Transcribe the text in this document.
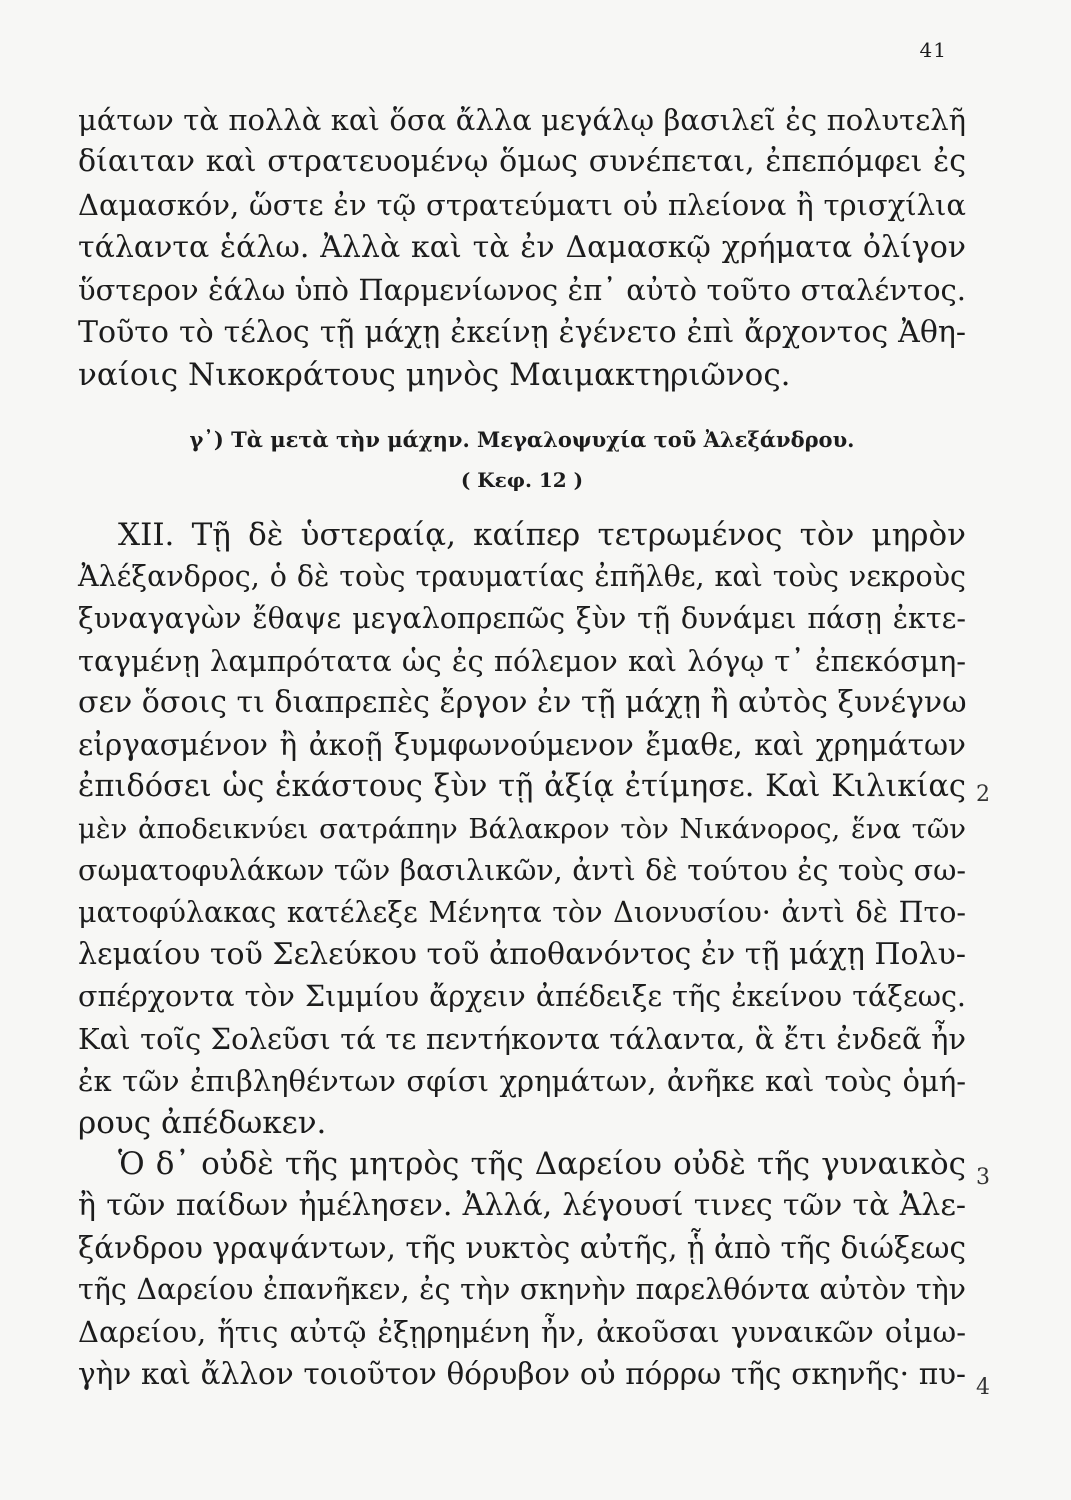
41
μάτων τὰ πολλὰ καὶ ὅσα ἄλλα μεγάλῳ βασιλεῖ ἐς πολυτελῆ
δίαιταν καὶ στρατευομένῳ ὅμως συνέπεται, ἐπεπόμφει ἐς
Δαμασκόν, ὥστε ἐν τῷ στρατεύματι οὐ πλείονα ἢ τρισχίλια
τάλαντα ἑάλω. Ἀλλὰ καὶ τὰ ἐν Δαμασκῷ χρήματα ὀλίγον
ὕστερον ἑάλω ὑπὸ Παρμενίωνος ἐπ᾿ αὐτὸ τοῦτο σταλέντος.
Τοῦτο τὸ τέλος τῇ μάχῃ ἐκείνῃ ἐγένετο ἐπὶ ἄρχοντος Ἀθη-
ναίοις Νικοκράτους μηνὸς Μαιμακτηριῶνος.
γ᾿) Τὰ μετὰ τὴν μάχην. Μεγαλοψυχία τοῦ Ἀλεξάνδρου.
( Κεφ. 12 )
XII. Τῇ δὲ ὑστεραίᾳ, καίπερ τετρωμένος τὸν μηρὸν
Ἀλέξανδρος, ὁ δὲ τοὺς τραυματίας ἐπῆλθε, καὶ τοὺς νεκροὺς
ξυναγαγὼν ἔθαψε μεγαλοπρεπῶς ξὺν τῇ δυνάμει πάσῃ ἐκτε-
ταγμένῃ λαμπρότατα ὡς ἐς πόλεμον καὶ λόγῳ τ᾿ ἐπεκόσμη-
σεν ὅσοις τι διαπρεπὲς ἔργον ἐν τῇ μάχῃ ἢ αὐτὸς ξυνέγνω
εἰργασμένον ἢ ἀκοῇ ξυμφωνούμενον ἔμαθε, καὶ χρημάτων
ἐπιδόσει ὡς ἑκάστους ξὺν τῇ ἀξίᾳ ἐτίμησε. Καὶ Κιλικίας
μὲν ἀποδεικνύει σατράπην Βάλακρον τὸν Νικάνορος, ἕνα τῶν
σωματοφυλάκων τῶν βασιλικῶν, ἀντὶ δὲ τούτου ἐς τοὺς σω-
ματοφύλακας κατέλεξε Μένητα τὸν Διονυσίου· ἀντὶ δὲ Πτο-
λεμαίου τοῦ Σελεύκου τοῦ ἀποθανόντος ἐν τῇ μάχῃ Πολυ-
σπέρχοντα τὸν Σιμμίου ἄρχειν ἀπέδειξε τῆς ἐκείνου τάξεως.
Καὶ τοῖς Σολεῦσι τά τε πεντήκοντα τάλαντα, ἃ ἔτι ἐνδεᾶ ἦν
ἐκ τῶν ἐπιβληθέντων σφίσι χρημάτων, ἀνῆκε καὶ τοὺς ὁμή-
ρους ἀπέδωκεν.
Ὁ δ᾿ οὐδὲ τῆς μητρὸς τῆς Δαρείου οὐδὲ τῆς γυναικὸς
ἢ τῶν παίδων ἠμέλησεν. Ἀλλά, λέγουσί τινες τῶν τὰ Ἀλε-
ξάνδρου γραψάντων, τῆς νυκτὸς αὐτῆς, ᾗ ἀπὸ τῆς διώξεως
τῆς Δαρείου ἐπανῆκεν, ἐς τὴν σκηνὴν παρελθόντα αὐτὸν τὴν
Δαρείου, ἥτις αὐτῷ ἐξῃρημένη ἦν, ἀκοῦσαι γυναικῶν οἰμω-
γὴν καὶ ἄλλον τοιοῦτον θόρυβον οὐ πόρρω τῆς σκηνῆς· πυ-
2
3
4
